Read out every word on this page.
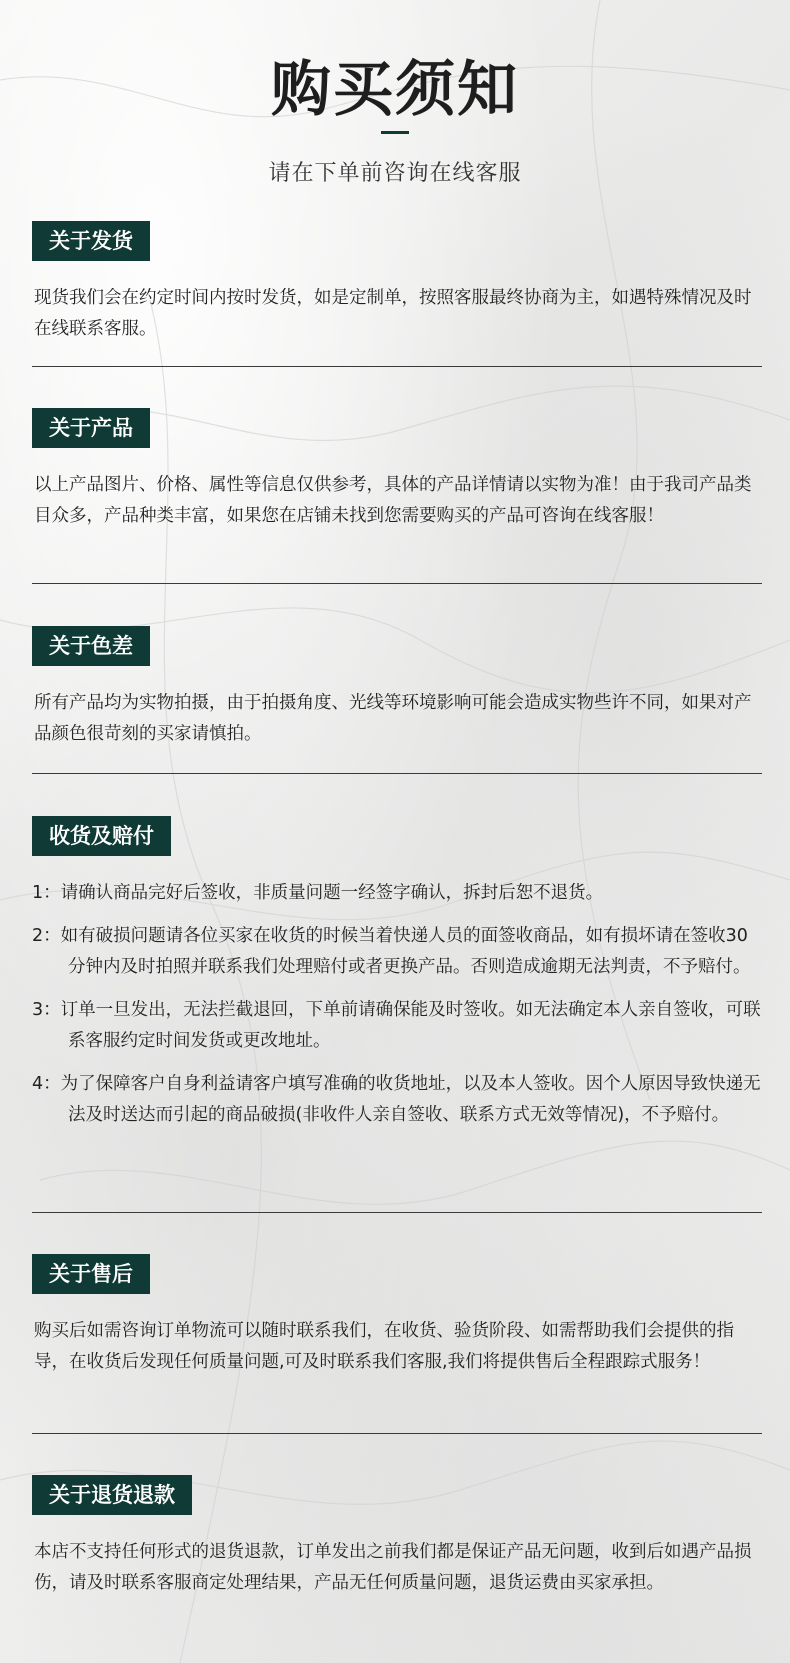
购买须知
请在下单前咨询在线客服
关于发货

现货我们会在约定时间内按时发货，如是定制单，按照客服最终协商为主，如遇特殊情况及时在线联系客服。

关于产品

以上产品图片、价格、属性等信息仅供参考，具体的产品详情请以实物为准！由于我司产品类目众多，产品种类丰富，如果您在店铺未找到您需要购买的产品可咨询在线客服！

关于色差

所有产品均为实物拍摄，由于拍摄角度、光线等环境影响可能会造成实物些许不同，如果对产品颜色很苛刻的买家请慎拍。

收货及赔付

1：请确认商品完好后签收，非质量问题一经签字确认，拆封后恕不退货。

2：如有破损问题请各位买家在收货的时候当着快递人员的面签收商品，如有损坏请在签收30分钟内及时拍照并联系我们处理赔付或者更换产品。否则造成逾期无法判责，不予赔付。

3：订单一旦发出，无法拦截退回，下单前请确保能及时签收。如无法确定本人亲自签收，可联系客服约定时间发货或更改地址。

4：为了保障客户自身利益请客户填写准确的收货地址，以及本人签收。因个人原因导致快递无法及时送达而引起的商品破损(非收件人亲自签收、联系方式无效等情况)，不予赔付。

关于售后

购买后如需咨询订单物流可以随时联系我们，在收货、验货阶段、如需帮助我们会提供的指导，在收货后发现任何质量问题,可及时联系我们客服,我们将提供售后全程跟踪式服务！

关于退货退款

本店不支持任何形式的退货退款，订单发出之前我们都是保证产品无问题，收到后如遇产品损伤，请及时联系客服商定处理结果，产品无任何质量问题，退货运费由买家承担。
